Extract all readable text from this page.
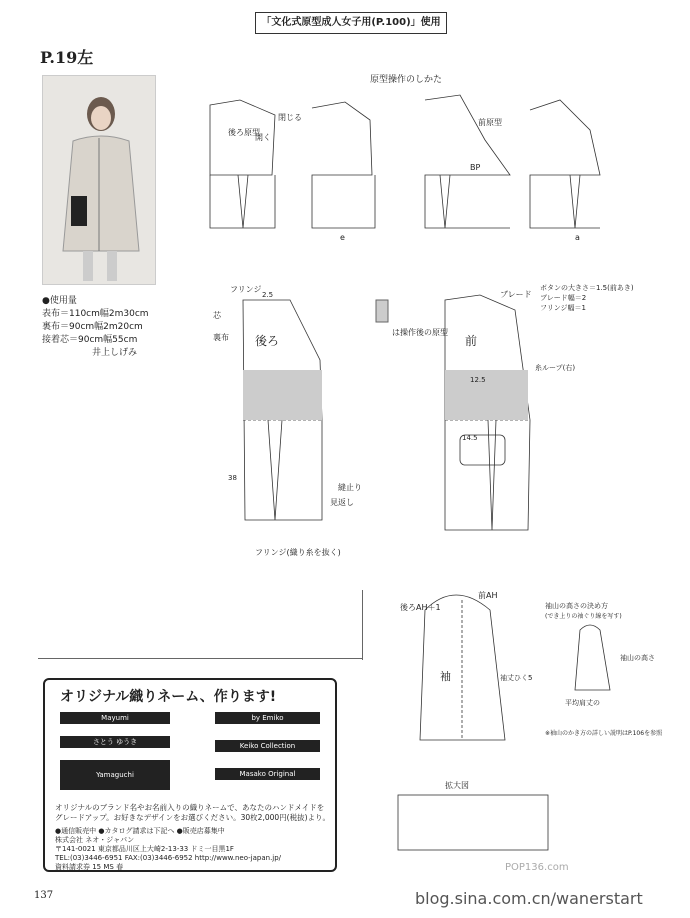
「文化式原型成人女子用(P.100)」使用
P.19左
●使用量
表布＝110cm幅2m30cm
裏布＝90cm幅2m20cm
接着芯＝90cm幅55cm
井上しげみ
原型操作のしかた
閉じる
開く
後ろ原型
前原型
BP
e	a
後ろ	前
袖
フリンジ
ブレード
裏布
芯
は操作後の原型
ボタンの大きさ＝1.5(前あき)
ブレード幅＝2
フリンジ幅＝1
糸ループ(右)
見返し
縫止り
フリンジ(織り糸を抜く)
拡大図
前AH
後ろAH＋1
袖丈ひく5
袖山の高さの決め方
(でき上りの袖ぐり線を写す)
袖山の高さ
平均肩丈の
※袖山のかき方の詳しい説明はP.106を参照
38
12.5
14.5
2.5
オリジナル織りネーム、作ります!
Mayumi
さとう ゆうき
Yamaguchi
by Emiko
Keiko Collection
Masako Original
オリジナルのブランド名やお名前入りの織りネームで、あなたのハンドメイドをグレードアップ。お好きなデザインをお選びください。30枚2,000円(税抜)より。
●通信販売中 ●カタログ請求は下記へ ●販売店募集中
株式会社 ネオ・ジャパン
〒141-0021 東京都品川区上大崎2-13-33 ドミ一目黒1F
TEL:(03)3446-6951 FAX:(03)3446-6952 http://www.neo-japan.jp/
資料請求券 15 MS 春
137
POP136.com
blog.sina.com.cn/wanerstart
